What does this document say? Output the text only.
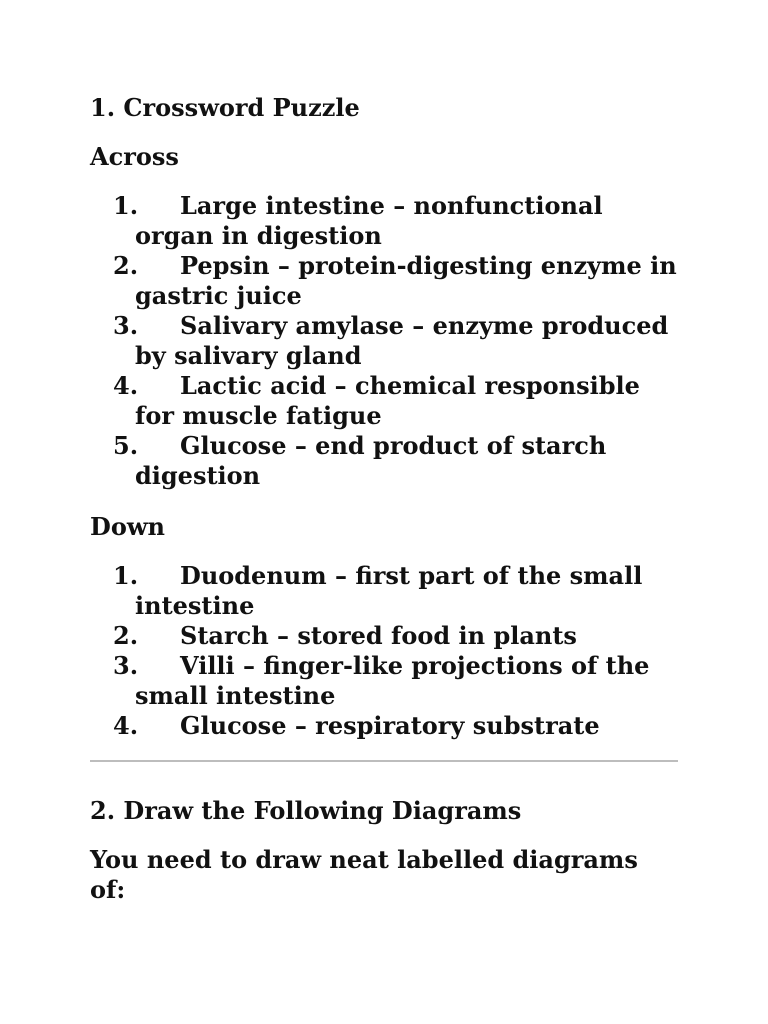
1. Crossword Puzzle
Across
1. Large intestine – nonfunctional organ in digestion
2. Pepsin – protein-digesting enzyme in gastric juice
3. Salivary amylase – enzyme produced by salivary gland
4. Lactic acid – chemical responsible for muscle fatigue
5. Glucose – end product of starch digestion
Down
1. Duodenum – first part of the small intestine
2. Starch – stored food in plants
3. Villi – finger-like projections of the small intestine
4. Glucose – respiratory substrate
2. Draw the Following Diagrams

You need to draw neat labelled diagrams of:
